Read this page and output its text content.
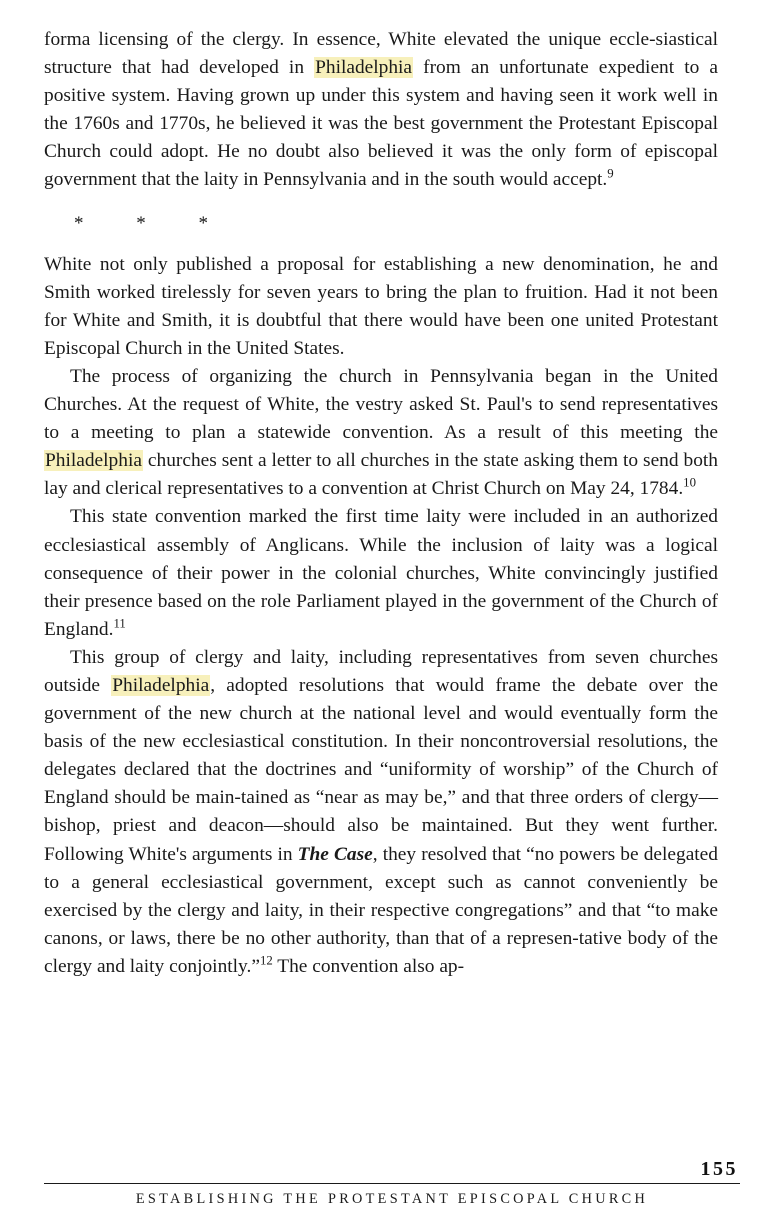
forma licensing of the clergy. In essence, White elevated the unique eccle-siastical structure that had developed in Philadelphia from an unfortunate expedient to a positive system. Having grown up under this system and having seen it work well in the 1760s and 1770s, he believed it was the best government the Protestant Episcopal Church could adopt. He no doubt also believed it was the only form of episcopal government that the laity in Pennsylvania and in the south would accept.$^9$

* * *

White not only published a proposal for establishing a new denomination, he and Smith worked tirelessly for seven years to bring the plan to fruition. Had it not been for White and Smith, it is doubtful that there would have been one united Protestant Episcopal Church in the United States.

The process of organizing the church in Pennsylvania began in the United Churches. At the request of White, the vestry asked St. Paul's to send representatives to a meeting to plan a statewide convention. As a result of this meeting the Philadelphia churches sent a letter to all churches in the state asking them to send both lay and clerical representatives to a convention at Christ Church on May 24, 1784.10

This state convention marked the first time laity were included in an authorized ecclesiastical assembly of Anglicans. While the inclusion of laity was a logical consequence of their power in the colonial churches, White convincingly justified their presence based on the role Parliament played in the government of the Church of England.$^{11}$

This group of clergy and laity, including representatives from seven churches outside Philadelphia, adopted resolutions that would frame the debate over the government of the new church at the national level and would eventually form the basis of the new ecclesiastical constitution. In their noncontroversial resolutions, the delegates declared that the doctrines and “uniformity of worship” of the Church of England should be main-tained as “near as may be,” and that three orders of clergy—bishop, priest and deacon—should also be maintained. But they went further. Following White's arguments in The Case, they resolved that “no powers be delegated to a general ecclesiastical government, except such as cannot conveniently be exercised by the clergy and laity, in their respective congregations” and that “to make canons, or laws, there be no other authority, than that of a represen-tative body of the clergy and laity conjointly.”$^{12}$ The convention also ap-

155
ESTABLISHING THE PROTESTANT EPISCOPAL CHURCH
